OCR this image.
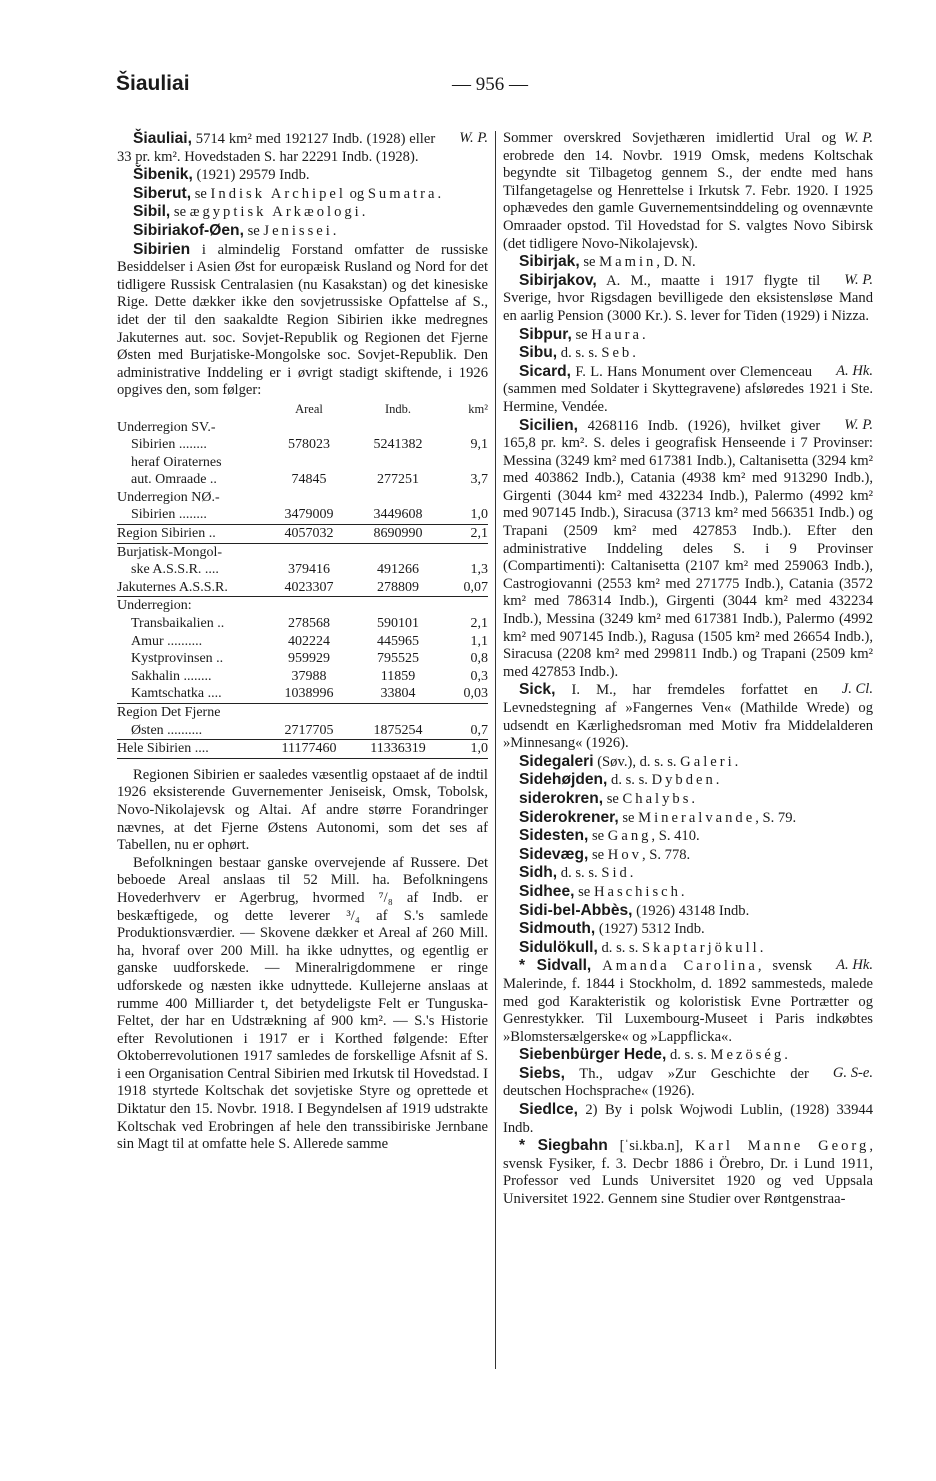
Šiauliai	— 956 —

W. P.
Šiauliai, 5714 km² med 192127 Indb. (1928) eller 33 pr. km². Hovedstaden S. har 22291 Indb. (1928).

Šibenik, (1921) 29579 Indb.

Siberut, se Indisk Archipel og Sumatra.

Sibil, se ægyptisk Arkæologi.

Sibiriakof-Øen, se Jenissei.

Sibirien i almindelig Forstand omfatter de russiske Besiddelser i Asien Øst for europæisk Rusland og Nord for det tidligere Russisk Centralasien (nu Kasakstan) og det kinesiske Rige. Dette dækker ikke den sovjetrussiske Opfattelse af S., idet der til den saakaldte Region Sibirien ikke medregnes Jakuternes aut. soc. Sovjet-Republik og Regionen det Fjerne Østen med Burjatiske-Mongolske soc. Sovjet-Republik. Den administrative Inddeling er i øvrigt stadigt skiftende, i 1926 opgives den, som følger:

	Areal	Indb.	km²
Underregion SV.-			
Sibirien ........	578023	5241382	9,1
heraf Oiraternes			
aut. Omraade ..	74845	277251	3,7
Underregion NØ.-			
Sibirien ........	3479009	3449608	1,0
Region Sibirien ..	4057032	8690990	2,1
Burjatisk-Mongol-			
ske A.S.S.R. ....	379416	491266	1,3
Jakuternes A.S.S.R.	4023307	278809	0,07
Underregion:			
Transbaikalien ..	278568	590101	2,1
Amur ..........	402224	445965	1,1
Kystprovinsen ..	959929	795525	0,8
Sakhalin ........	37988	11859	0,3
Kamtschatka ....	1038996	33804	0,03
Region Det Fjerne			
Østen ..........	2717705	1875254	0,7
Hele Sibirien ....	11177460	11336319	1,0

Regionen Sibirien er saaledes væsentlig opstaaet af de indtil 1926 eksisterende Guvernementer Jeniseisk, Omsk, Tobolsk, Novo-Nikolajevsk og Altai. Af andre større Forandringer nævnes, at det Fjerne Østens Autonomi, som det ses af Tabellen, nu er ophørt.

Befolkningen bestaar ganske overvejende af Russere. Det beboede Areal anslaas til 52 Mill. ha. Befolkningens Hovederhverv er Agerbrug, hvormed ⁷/₈ af Indb. er beskæftigede, og dette leverer ³/₄ af S.'s samlede Produktionsværdier. — Skovene dækker et Areal af 260 Mill. ha, hvoraf over 200 Mill. ha ikke udnyttes, og egentlig er ganske uudforskede. — Mineralrigdommene er ringe udforskede og næsten ikke udnyttede. Kullejerne anslaas at rumme 400 Milliarder t, det betydeligste Felt er Tunguska-Feltet, der har en Udstrækning af 900 km². — S.'s Historie efter Revolutionen i 1917 er i Korthed følgende: Efter Oktoberrevolutionen 1917 samledes de forskellige Afsnit af S. i een Organisation Central Sibirien med Irkutsk til Hovedstad. I 1918 styrtede Koltschak det sovjetiske Styre og oprettede et Diktatur den 15. Novbr. 1918. I Begyndelsen af 1919 udstrakte Koltschak ved Erobringen af hele den transsibiriske Jernbane sin Magt til at omfatte hele S. Allerede samme

W. P.
Sommer overskred Sovjethæren imidlertid Ural og erobrede den 14. Novbr. 1919 Omsk, medens Koltschak begyndte sit Tilbagetog gennem S., der endte med hans Tilfangetagelse og Henrettelse i Irkutsk 7. Febr. 1920. I 1925 ophævedes den gamle Guvernementsinddeling og ovennævnte Omraader opstod. Til Hovedstad for S. valgtes Novo Sibirsk (det tidligere Novo-Nikolajevsk).

Sibirjak, se Mamin, D. N.

W. P.
Sibirjakov, A. M., maatte i 1917 flygte til Sverige, hvor Rigsdagen bevilligede den eksistensløse Mand en aarlig Pension (3000 Kr.). S. lever for Tiden (1929) i Nizza.

Sibpur, se Haura.

Sibu, d. s. s. Seb.

A. Hk.
Sicard, F. L. Hans Monument over Clemenceau (sammen med Soldater i Skyttegravene) afsløredes 1921 i Ste. Hermine, Vendée.

W. P.
Sicilien, 4268116 Indb. (1926), hvilket giver 165,8 pr. km². S. deles i geografisk Henseende i 7 Provinser: Messina (3249 km² med 617381 Indb.), Caltanisetta (3294 km² med 403862 Indb.), Catania (4938 km² med 913290 Indb.), Girgenti (3044 km² med 432234 Indb.), Palermo (4992 km² med 907145 Indb.), Siracusa (3713 km² med 566351 Indb.) og Trapani (2509 km² med 427853 Indb.). Efter den administrative Inddeling deles S. i 9 Provinser (Compartimenti): Caltanisetta (2107 km² med 259063 Indb.), Castrogiovanni (2553 km² med 271775 Indb.), Catania (3572 km² med 786314 Indb.), Girgenti (3044 km² med 432234 Indb.), Messina (3249 km² med 617381 Indb.), Palermo (4992 km² med 907145 Indb.), Ragusa (1505 km² med 26654 Indb.), Siracusa (2208 km² med 299811 Indb.) og Trapani (2509 km² med 427853 Indb.).

J. Cl.
Sick, I. M., har fremdeles forfattet en Levnedstegning af »Fangernes Ven« (Mathilde Wrede) og udsendt en Kærlighedsroman med Motiv fra Middelalderen »Minnesang« (1926).

Sidegaleri (Søv.), d. s. s. Galeri.

Sidehøjden, d. s. s. Dybden.

siderokren, se Chalybs.

Siderokrener, se Mineralvande, S. 79.

Sidesten, se Gang, S. 410.

Sidevæg, se Hov, S. 778.

Sidh, d. s. s. Sid.

Sidhee, se Haschisch.

Sidi-bel-Abbès, (1926) 43148 Indb.

Sidmouth, (1927) 5312 Indb.

Sidulökull, d. s. s. Skaptarjökull.

A. Hk.
* Sidvall, Amanda Carolina, svensk Malerinde, f. 1844 i Stockholm, d. 1892 sammesteds, malede med god Karakteristik og koloristisk Evne Portrætter og Genrestykker. Til Luxembourg-Museet i Paris indkøbtes »Blomstersælgerske« og »Lappflicka«.

Siebenbürger Hede, d. s. s. Mezöség.

G. S-e.
Siebs, Th., udgav »Zur Geschichte der deutschen Hochsprache« (1926).

Siedlce, 2) By i polsk Wojwodi Lublin, (1928) 33944 Indb.

* Siegbahn [ˈsi.kba.n], Karl Manne Georg, svensk Fysiker, f. 3. Decbr 1886 i Örebro, Dr. i Lund 1911, Professor ved Lunds Universitet 1920 og ved Uppsala Universitet 1922. Gennem sine Studier over Røntgenstraa-
